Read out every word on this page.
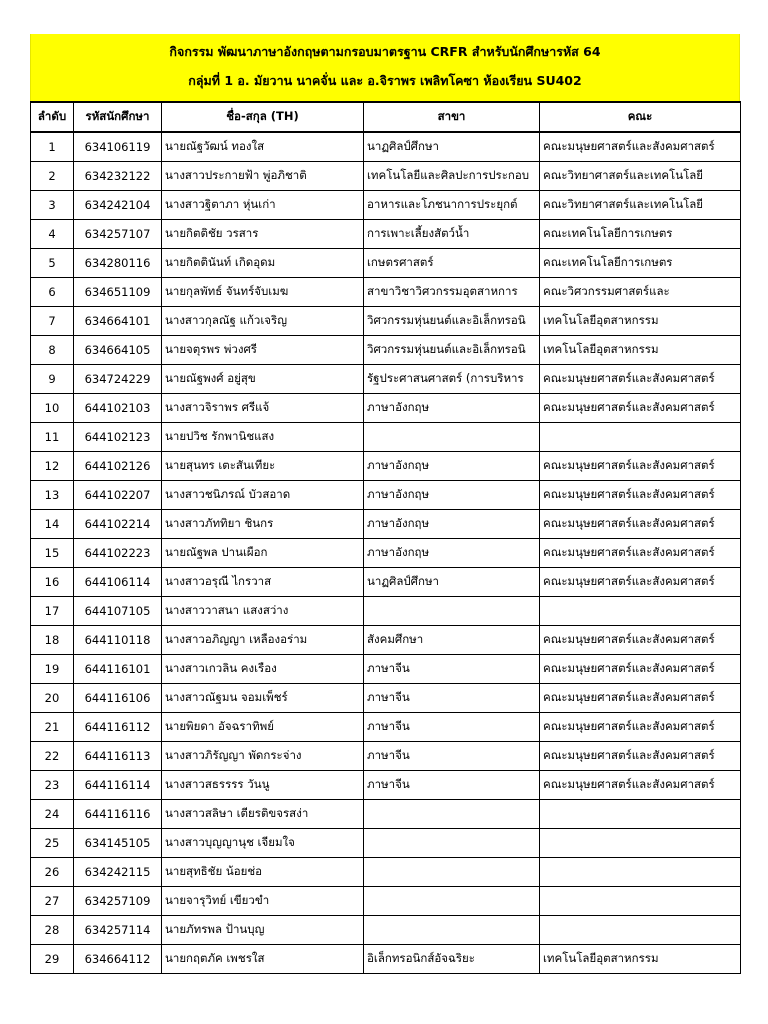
กิจกรรม พัฒนาภาษาอังกฤษตามกรอบมาตรฐาน CRFR สำหรับนักศึกษารหัส 64
กลุ่มที่ 1 อ. มัยวาน นาคจั่น และ อ.จิราพร เพลิทโคซา ห้องเรียน SU402
ลำดับ	รหัสนักศึกษา	ชื่อ-สกุล (TH)	สาขา	คณะ
1	634106119	นายณัฐวัฒน์ ทองใส	นาฏศิลป์ศึกษา	คณะมนุษยศาสตร์และสังคมศาสตร์
2	634232122	นางสาวประกายฟ้า พู่อภิชาติ	เทคโนโลยีและศิลปะการประกอบ	คณะวิทยาศาสตร์และเทคโนโลยี
3	634242104	นางสาวฐิตาภา หุ่นเก่า	อาหารและโภชนาการประยุกต์	คณะวิทยาศาสตร์และเทคโนโลยี
4	634257107	นายกิตติชัย วรสาร	การเพาะเลี้ยงสัตว์น้ำ	คณะเทคโนโลยีการเกษตร
5	634280116	นายกิตตินันท์ เกิดอุดม	เกษตรศาสตร์	คณะเทคโนโลยีการเกษตร
6	634651109	นายกุลพัทธ์ จันทร์จับเมฆ	สาขาวิชาวิศวกรรมอุตสาหการ	คณะวิศวกรรมศาสตร์และ
7	634664101	นางสาวกุลณัฐ แก้วเจริญ	วิศวกรรมหุ่นยนต์และอิเล็กทรอนิ	เทคโนโลยีอุตสาหกรรม
8	634664105	นายจตุรพร พ่วงศรี	วิศวกรรมหุ่นยนต์และอิเล็กทรอนิ	เทคโนโลยีอุตสาหกรรม
9	634724229	นายณัฐพงศ์ อยู่สุข	รัฐประศาสนศาสตร์ (การบริหาร	คณะมนุษยศาสตร์และสังคมศาสตร์
10	644102103	นางสาวจิราพร ศรีแจ้	ภาษาอังกฤษ	คณะมนุษยศาสตร์และสังคมศาสตร์
11	644102123	นายปวิช รักพานิชแสง		
12	644102126	นายสุนทร เตะสันเทียะ	ภาษาอังกฤษ	คณะมนุษยศาสตร์และสังคมศาสตร์
13	644102207	นางสาวชนิภรณ์ บัวสอาด	ภาษาอังกฤษ	คณะมนุษยศาสตร์และสังคมศาสตร์
14	644102214	นางสาวภัททิยา ชินกร	ภาษาอังกฤษ	คณะมนุษยศาสตร์และสังคมศาสตร์
15	644102223	นายณัฐพล ปานเผือก	ภาษาอังกฤษ	คณะมนุษยศาสตร์และสังคมศาสตร์
16	644106114	นางสาวอรุณี ไกรวาส	นาฏศิลป์ศึกษา	คณะมนุษยศาสตร์และสังคมศาสตร์
17	644107105	นางสาววาสนา แสงสว่าง		
18	644110118	นางสาวอภิญญา เหลืองอร่าม	สังคมศึกษา	คณะมนุษยศาสตร์และสังคมศาสตร์
19	644116101	นางสาวเกวลิน คงเรือง	ภาษาจีน	คณะมนุษยศาสตร์และสังคมศาสตร์
20	644116106	นางสาวณัฐมน จอมเพ็ชร์	ภาษาจีน	คณะมนุษยศาสตร์และสังคมศาสตร์
21	644116112	นายพิยดา อัจฉราทิพย์	ภาษาจีน	คณะมนุษยศาสตร์และสังคมศาสตร์
22	644116113	นางสาวภิรัญญา พัดกระจ่าง	ภาษาจีน	คณะมนุษยศาสตร์และสังคมศาสตร์
23	644116114	นางสาวสธรรรร วันนู	ภาษาจีน	คณะมนุษยศาสตร์และสังคมศาสตร์
24	644116116	นางสาวสลิษา เตียรติขจรสง่า		
25	634145105	นางสาวบุญญานุช เจียมใจ		
26	634242115	นายสุทธิชัย น้อยช่อ		
27	634257109	นายจารุวิทย์ เขียวขำ		
28	634257114	นายภัทรพล ป้านบุญ		
29	634664112	นายกฤตภัค เพชรใส	อิเล็กทรอนิกส์อัจฉริยะ	เทคโนโลยีอุตสาหกรรม
